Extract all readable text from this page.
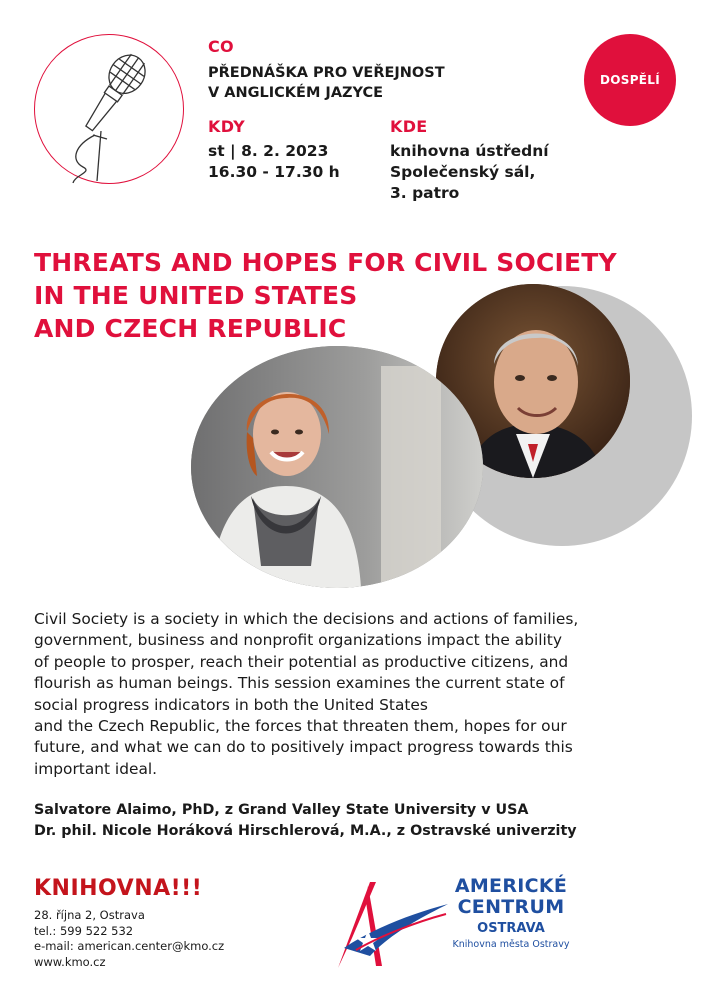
CO
PŘEDNÁŠKA PRO VEŘEJNOST
V ANGLICKÉM JAZYCE
KDY
st | 8. 2. 2023
16.30 - 17.30 h
KDE
knihovna ústřední
Společenský sál,
3. patro
DOSPĚLÍ
THREATS AND HOPES FOR CIVIL SOCIETY
IN THE UNITED STATES
AND CZECH REPUBLIC
Civil Society is a society in which the decisions and actions of families,
government, business and nonprofit organizations impact the ability
of people to prosper, reach their potential as productive citizens, and
flourish as human beings. This session examines the current state of
social progress indicators in both the United States
and the Czech Republic, the forces that threaten them, hopes for our
future, and what we can do to positively impact progress towards this
important ideal.
Salvatore Alaimo, PhD, z Grand Valley State University v USA
Dr. phil. Nicole Horáková Hirschlerová, M.A., z Ostravské univerzity
KNIHOVNA!!!
28. října 2, Ostrava
tel.: 599 522 532
e-mail: american.center@kmo.cz
www.kmo.cz
AMERICKÉ
CENTRUM
OSTRAVA
Knihovna města Ostravy
